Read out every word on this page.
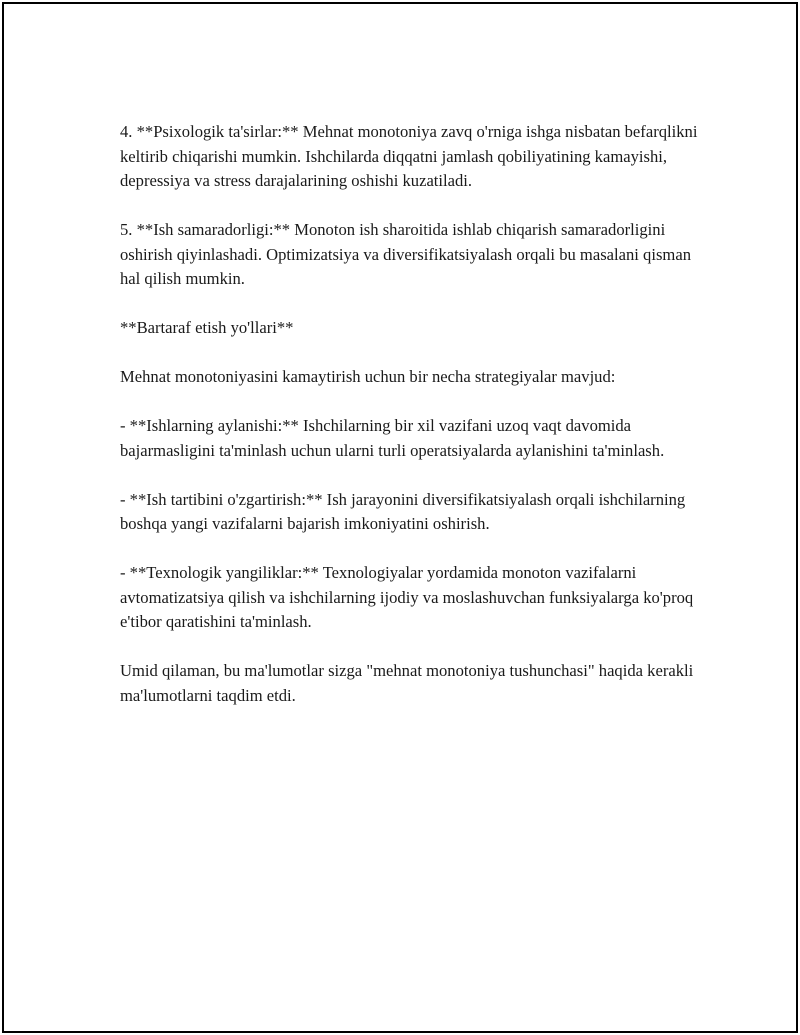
4. **Psixologik ta'sirlar:** Mehnat monotoniya zavq o'rniga ishga nisbatan befarqlikni keltirib chiqarishi mumkin. Ishchilarda diqqatni jamlash qobiliyatining kamayishi, depressiya va stress darajalarining oshishi kuzatiladi.

5. **Ish samaradorligi:** Monoton ish sharoitida ishlab chiqarish samaradorligini oshirish qiyinlashadi. Optimizatsiya va diversifikatsiyalash orqali bu masalani qisman hal qilish mumkin.

**Bartaraf etish yo'llari**

Mehnat monotoniyasini kamaytirish uchun bir necha strategiyalar mavjud:

- **Ishlarning aylanishi:** Ishchilarning bir xil vazifani uzoq vaqt davomida bajarmasligini ta'minlash uchun ularni turli operatsiyalarda aylanishini ta'minlash.

- **Ish tartibini o'zgartirish:** Ish jarayonini diversifikatsiyalash orqali ishchilarning boshqa yangi vazifalarni bajarish imkoniyatini oshirish.

- **Texnologik yangiliklar:** Texnologiyalar yordamida monoton vazifalarni avtomatizatsiya qilish va ishchilarning ijodiy va moslashuvchan funksiyalarga ko'proq e'tibor qaratishini ta'minlash.

Umid qilaman, bu ma'lumotlar sizga "mehnat monotoniya tushunchasi" haqida kerakli ma'lumotlarni taqdim etdi.
